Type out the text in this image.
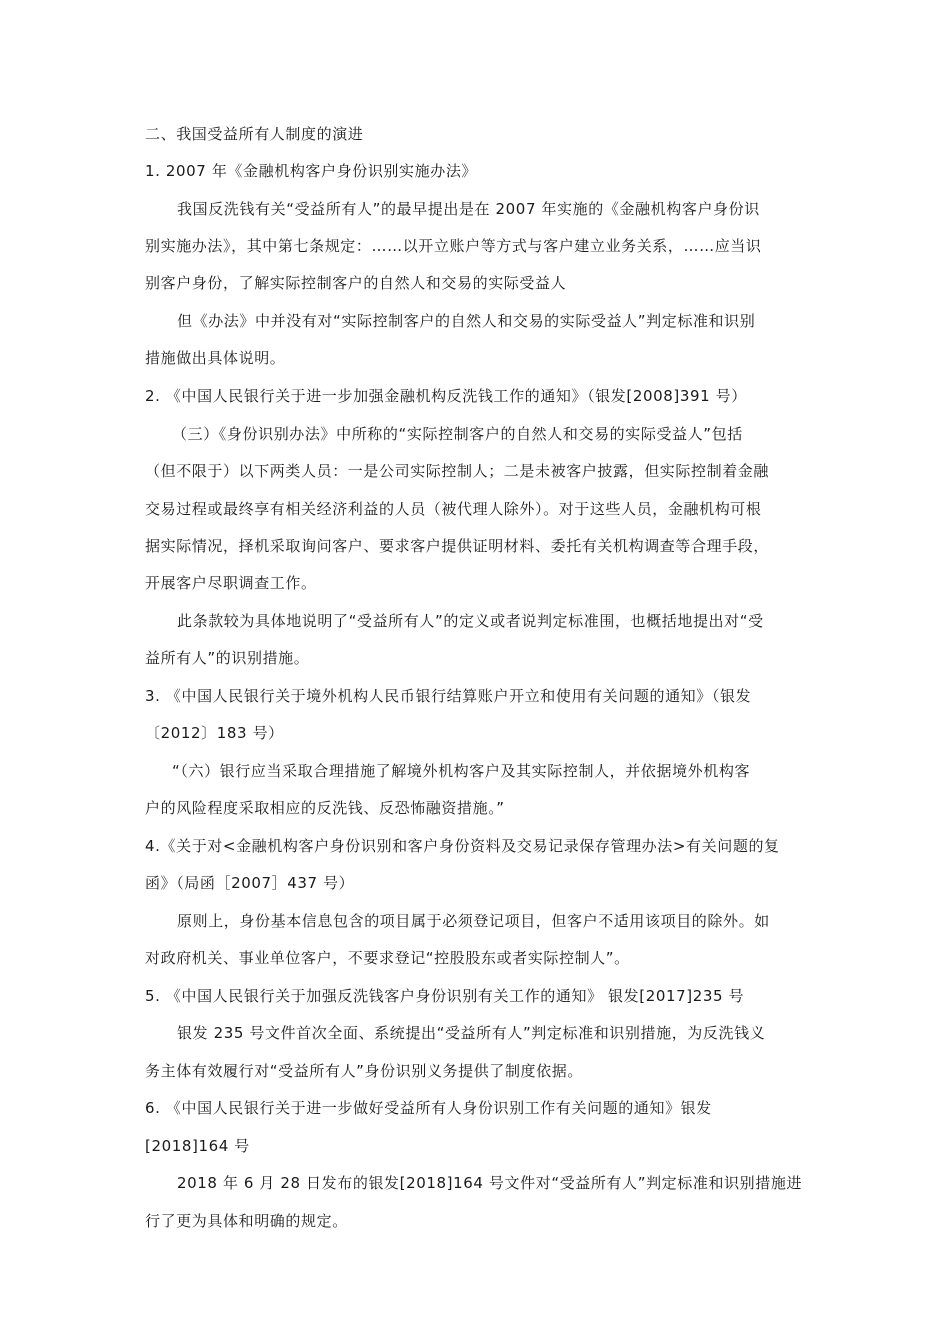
二、我国受益所有人制度的演进
1. 2007 年《金融机构客户身份识别实施办法》
我国反洗钱有关“受益所有人”的最早提出是在 2007 年实施的《金融机构客户身份识
别实施办法》，其中第七条规定：……以开立账户等方式与客户建立业务关系，……应当识
别客户身份，了解实际控制客户的自然人和交易的实际受益人
但《办法》中并没有对“实际控制客户的自然人和交易的实际受益人”判定标准和识别
措施做出具体说明。
2. 《中国人民银行关于进一步加强金融机构反洗钱工作的通知》（银发[2008]391 号）
（三）《身份识别办法》中所称的“实际控制客户的自然人和交易的实际受益人”包括
（但不限于）以下两类人员：一是公司实际控制人；二是未被客户披露，但实际控制着金融
交易过程或最终享有相关经济利益的人员（被代理人除外）。对于这些人员，金融机构可根
据实际情况，择机采取询问客户、要求客户提供证明材料、委托有关机构调查等合理手段，
开展客户尽职调查工作。
此条款较为具体地说明了“受益所有人”的定义或者说判定标准围，也概括地提出对“受
益所有人”的识别措施。
3. 《中国人民银行关于境外机构人民币银行结算账户开立和使用有关问题的通知》（银发
〔2012〕183 号）
“（六）银行应当采取合理措施了解境外机构客户及其实际控制人，并依据境外机构客
户的风险程度采取相应的反洗钱、反恐怖融资措施。”
4.《关于对<金融机构客户身份识别和客户身份资料及交易记录保存管理办法>有关问题的复
函》（局函［2007］437 号）
原则上，身份基本信息包含的项目属于必须登记项目，但客户不适用该项目的除外。如
对政府机关、事业单位客户，不要求登记“控股股东或者实际控制人”。
5. 《中国人民银行关于加强反洗钱客户身份识别有关工作的通知》 银发[2017]235 号
银发 235 号文件首次全面、系统提出“受益所有人”判定标准和识别措施，为反洗钱义
务主体有效履行对“受益所有人”身份识别义务提供了制度依据。
6. 《中国人民银行关于进一步做好受益所有人身份识别工作有关问题的通知》银发
[2018]164 号
2018 年 6 月 28 日发布的银发[2018]164 号文件对“受益所有人”判定标准和识别措施进
行了更为具体和明确的规定。
